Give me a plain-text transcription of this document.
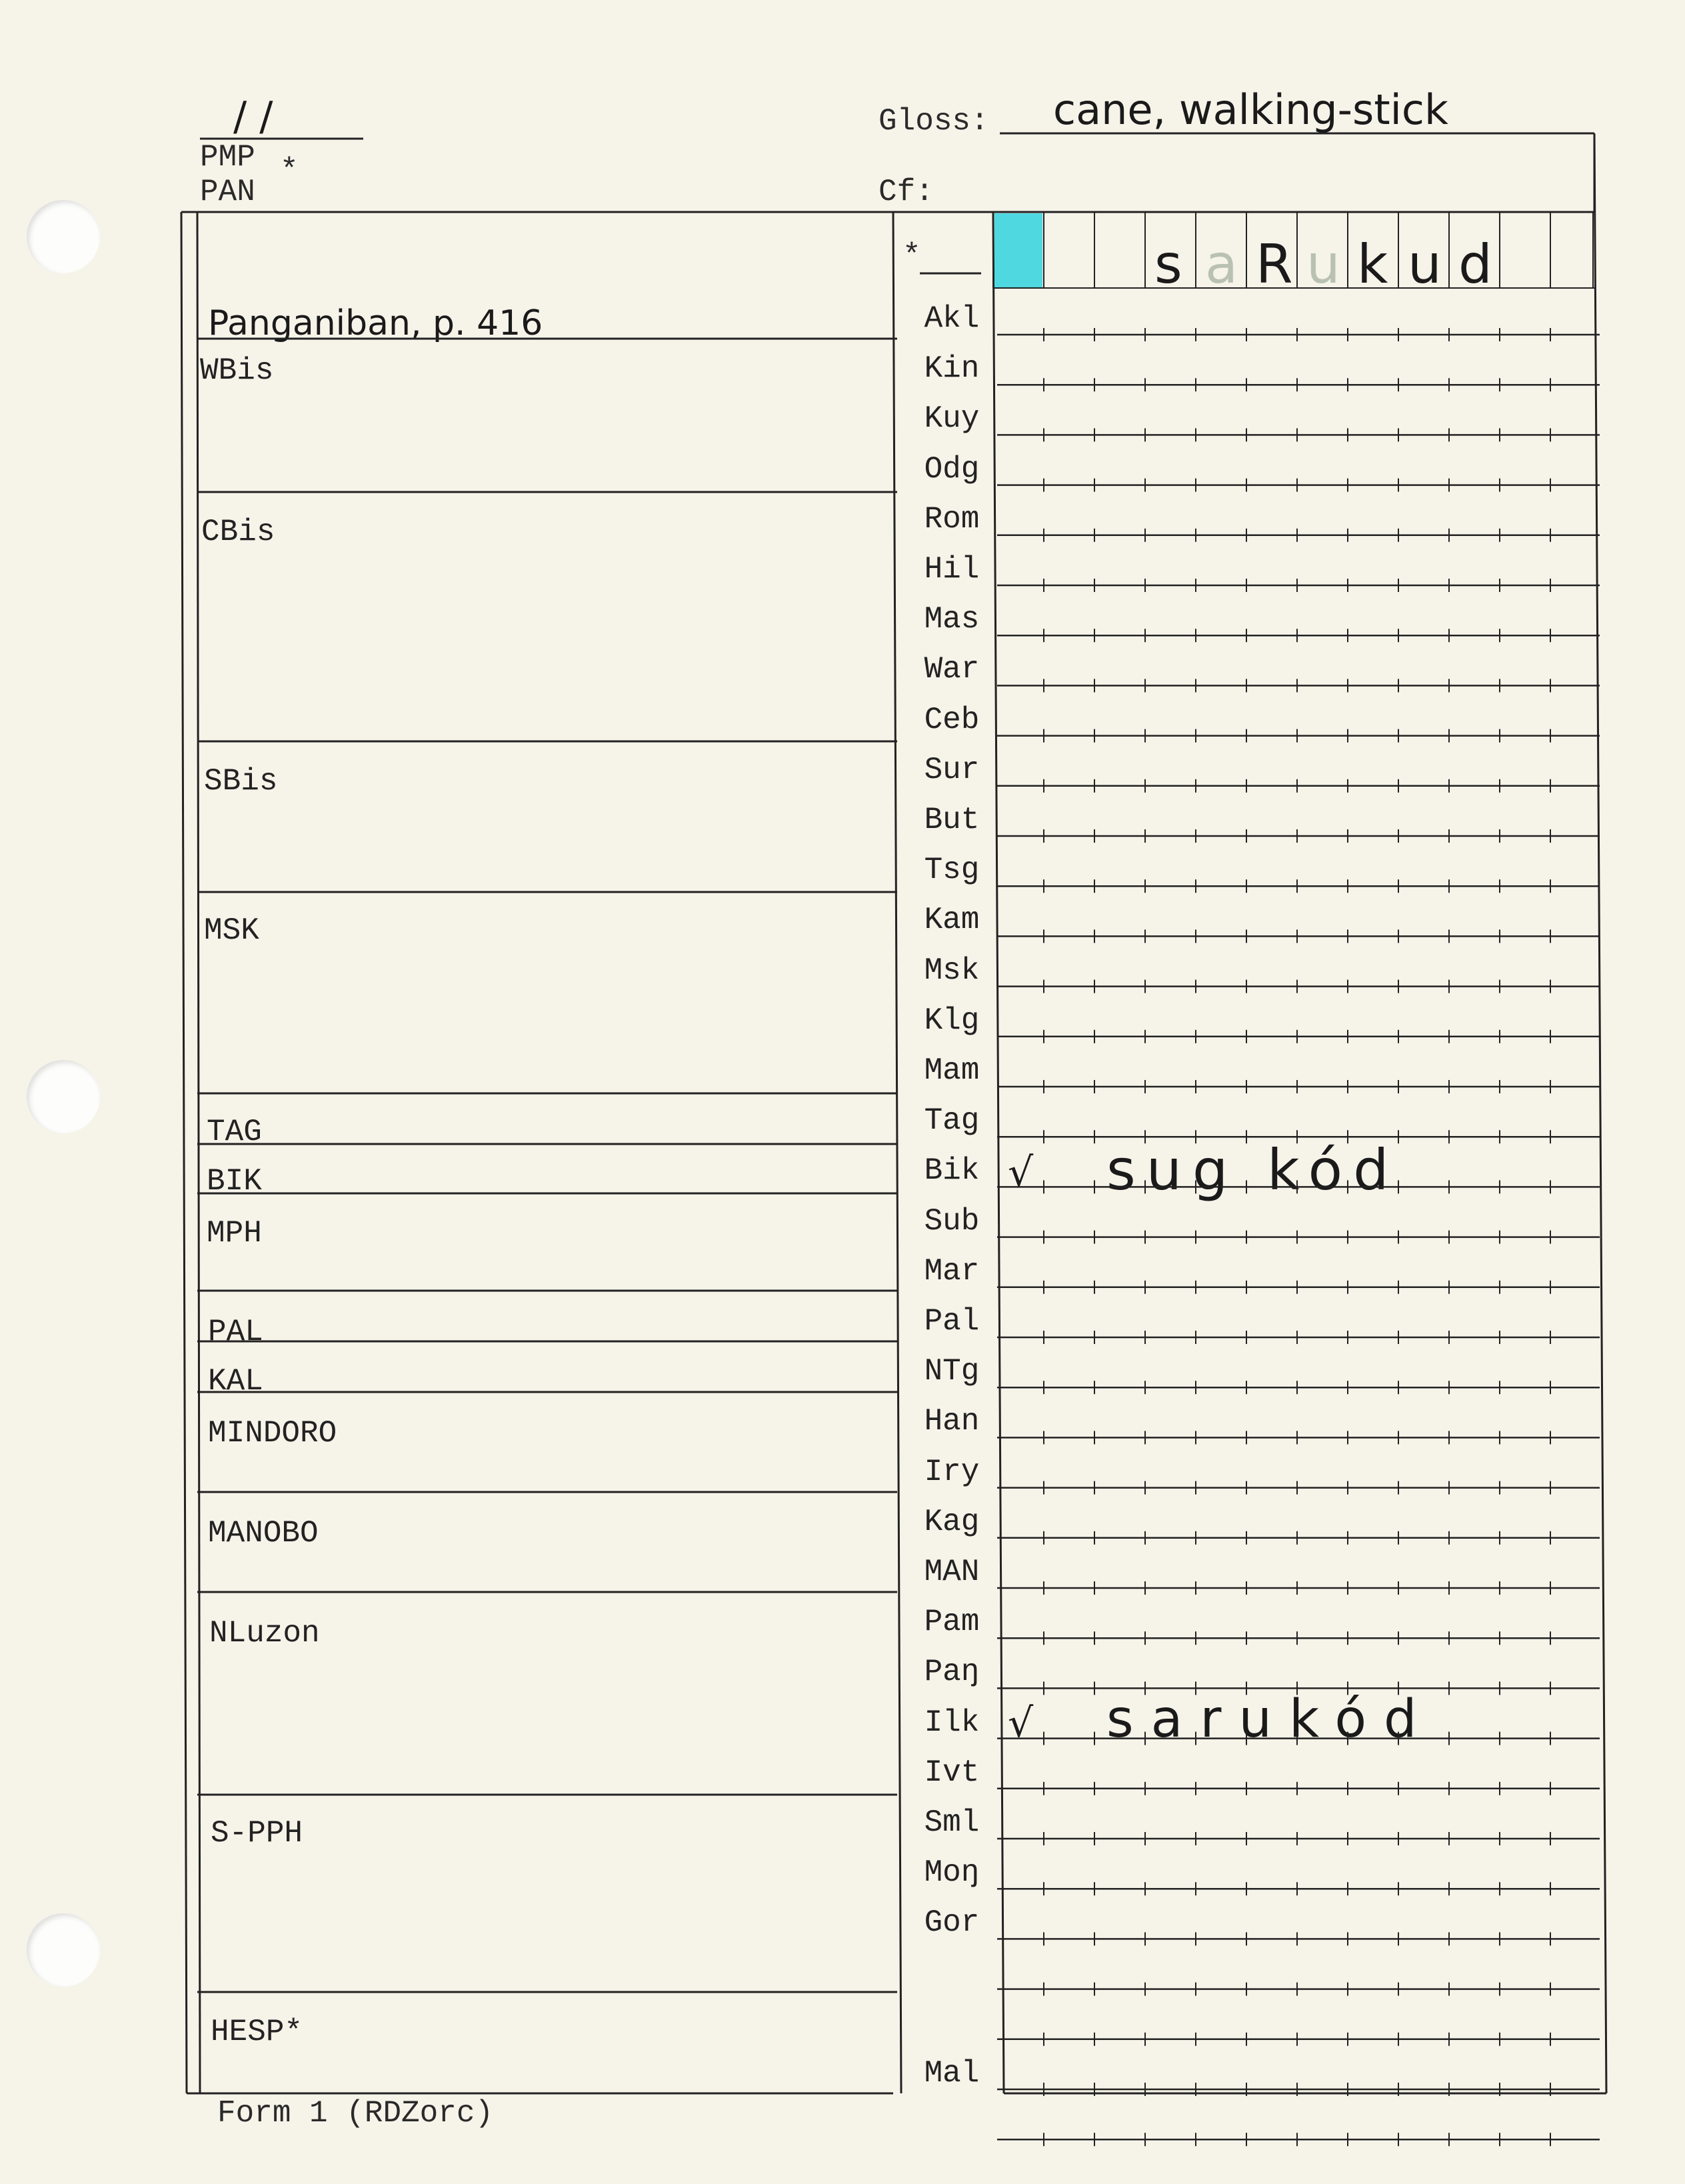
/ /
PMP *
PAN
Gloss: cane, walking-stick
Cf:
Panganiban, p. 416
WBis
CBis
SBis
MSK
TAG
BIK
MPH
PAL
KAL
MINDORO
MANOBO
NLuzon
S-PPH
HESP*
*
Akl
Kin
Kuy
Odg
Rom
Hil
Mas
War
Ceb
Sur
But
Tsg
Kam
Msk
Klg
Mam
Tag
Bik
Sub
Mar
Pal
NTg
Han
Iry
Kag
MAN
Pam
Paŋ
Ilk
Ivt
Sml
Moŋ
Gor
Mal
s a R u k u d
√ sug kód
√ sarukód
Form 1 (RDZorc)
